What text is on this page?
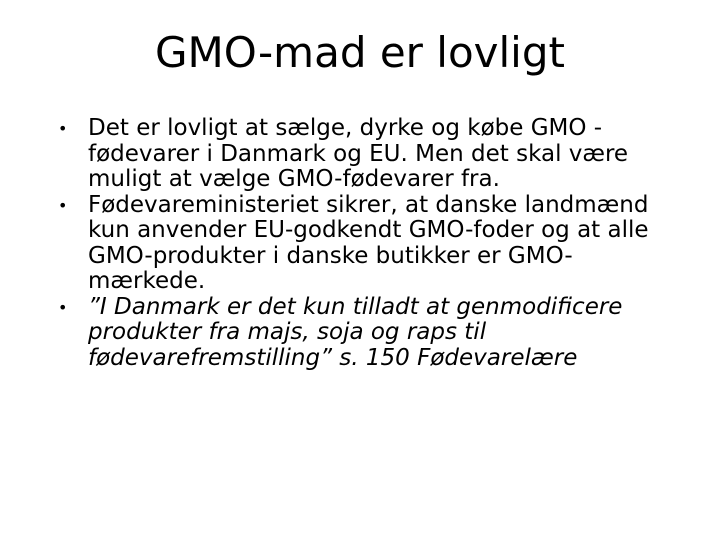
GMO-mad er lovligt
• Det er lovligt at sælge, dyrke og købe GMO -fødevarer i Danmark og EU. Men det skal være muligt at vælge GMO-fødevarer fra.
• Fødevareministeriet sikrer, at danske landmænd kun anvender EU-godkendt GMO-foder og at alle GMO-produkter i danske butikker er GMO-mærkede.
• ”I Danmark er det kun tilladt at genmodificere produkter fra majs, soja og raps til fødevarefremstilling” s. 150 Fødevarelære
